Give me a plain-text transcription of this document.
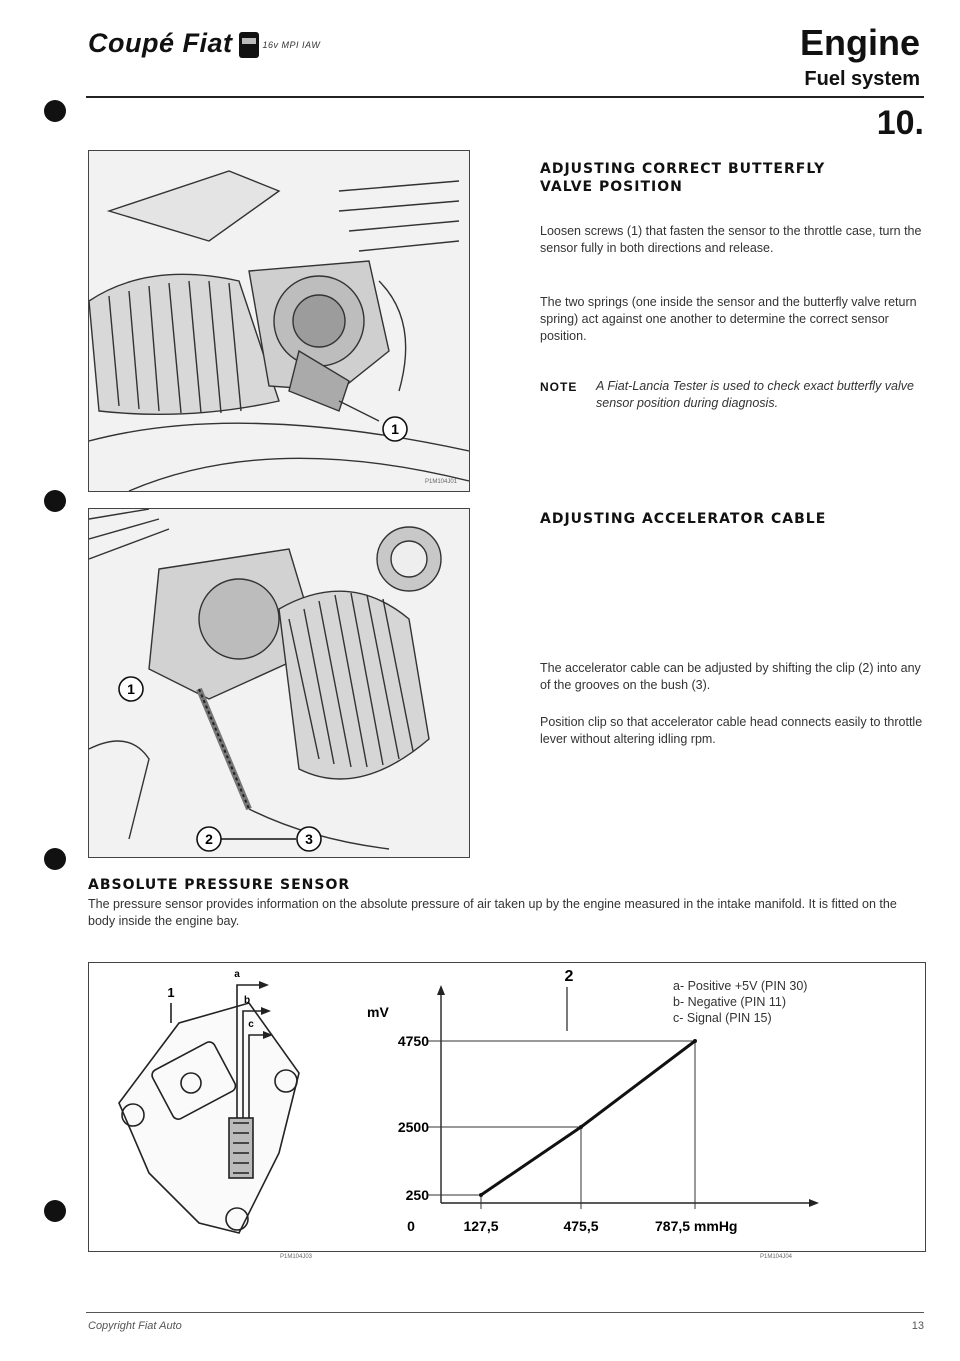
Coupé Fiat	16v MPI IAW	Engine
Fuel system
10.
1
P1M104J01
1
2	3
ADJUSTING CORRECT BUTTERFLY
VALVE POSITION
Loosen screws (1) that fasten the sensor to the throttle case, turn the sensor fully in both directions and release.
The two springs (one inside the sensor and the butterfly valve return spring) act against one another to determine the correct sensor position.
NOTE A Fiat-Lancia Tester is used to check exact butterfly valve sensor position during diagnosis.
ADJUSTING ACCELERATOR CABLE
The accelerator cable can be adjusted by shifting the clip (2) into any of the grooves on the bush (3).
Position clip so that accelerator cable head connects easily to throttle lever without altering idling rpm.
ABSOLUTE PRESSURE SENSOR
The pressure sensor provides information on the absolute pressure of air taken up by the engine measured in the intake manifold. It is fitted on the body inside the engine bay.
1
a
b
c
mV
4750
2500
250
0	127,5	475,5	787,5 mmHg
2
a- Positive +5V (PIN 30)
b- Negative (PIN 11)
c- Signal (PIN 15)
P1M104J03	P1M104J04
Copyright Fiat Auto	13
